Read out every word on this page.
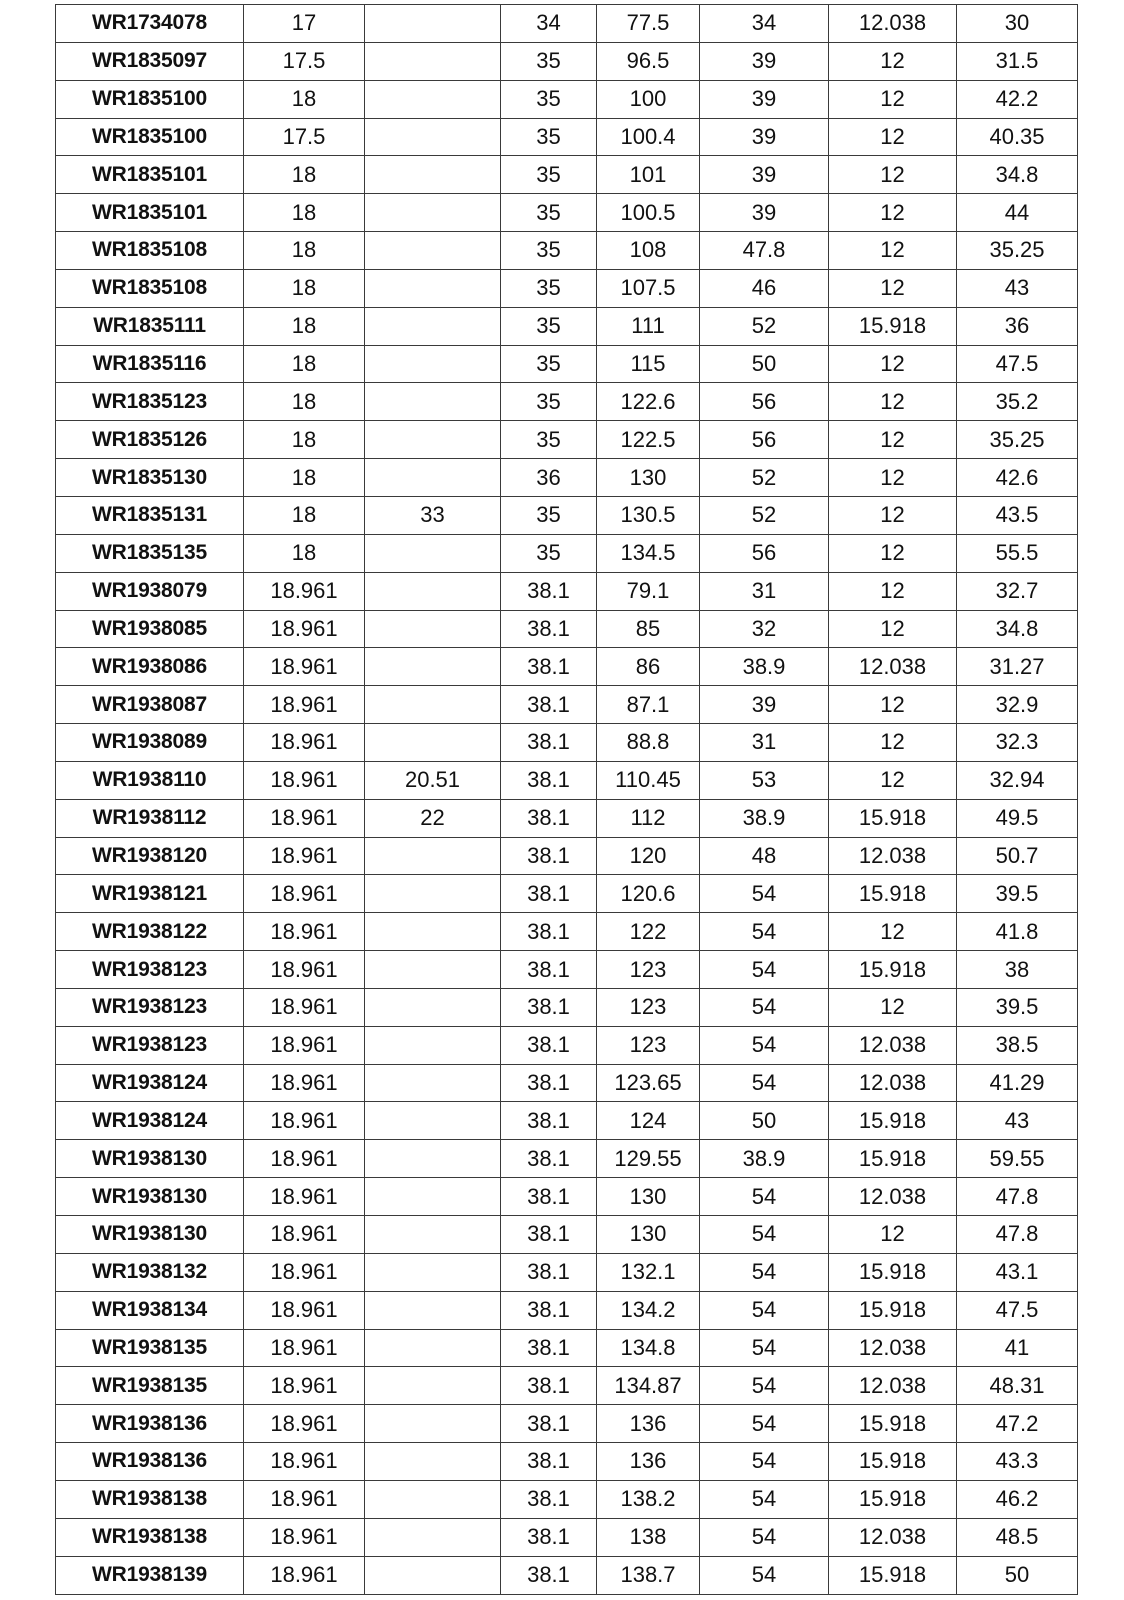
WR1734078	17		34	77.5	34	12.038	30
WR1835097	17.5		35	96.5	39	12	31.5
WR1835100	18		35	100	39	12	42.2
WR1835100	17.5		35	100.4	39	12	40.35
WR1835101	18		35	101	39	12	34.8
WR1835101	18		35	100.5	39	12	44
WR1835108	18		35	108	47.8	12	35.25
WR1835108	18		35	107.5	46	12	43
WR1835111	18		35	111	52	15.918	36
WR1835116	18		35	115	50	12	47.5
WR1835123	18		35	122.6	56	12	35.2
WR1835126	18		35	122.5	56	12	35.25
WR1835130	18		36	130	52	12	42.6
WR1835131	18	33	35	130.5	52	12	43.5
WR1835135	18		35	134.5	56	12	55.5
WR1938079	18.961		38.1	79.1	31	12	32.7
WR1938085	18.961		38.1	85	32	12	34.8
WR1938086	18.961		38.1	86	38.9	12.038	31.27
WR1938087	18.961		38.1	87.1	39	12	32.9
WR1938089	18.961		38.1	88.8	31	12	32.3
WR1938110	18.961	20.51	38.1	110.45	53	12	32.94
WR1938112	18.961	22	38.1	112	38.9	15.918	49.5
WR1938120	18.961		38.1	120	48	12.038	50.7
WR1938121	18.961		38.1	120.6	54	15.918	39.5
WR1938122	18.961		38.1	122	54	12	41.8
WR1938123	18.961		38.1	123	54	15.918	38
WR1938123	18.961		38.1	123	54	12	39.5
WR1938123	18.961		38.1	123	54	12.038	38.5
WR1938124	18.961		38.1	123.65	54	12.038	41.29
WR1938124	18.961		38.1	124	50	15.918	43
WR1938130	18.961		38.1	129.55	38.9	15.918	59.55
WR1938130	18.961		38.1	130	54	12.038	47.8
WR1938130	18.961		38.1	130	54	12	47.8
WR1938132	18.961		38.1	132.1	54	15.918	43.1
WR1938134	18.961		38.1	134.2	54	15.918	47.5
WR1938135	18.961		38.1	134.8	54	12.038	41
WR1938135	18.961		38.1	134.87	54	12.038	48.31
WR1938136	18.961		38.1	136	54	15.918	47.2
WR1938136	18.961		38.1	136	54	15.918	43.3
WR1938138	18.961		38.1	138.2	54	15.918	46.2
WR1938138	18.961		38.1	138	54	12.038	48.5
WR1938139	18.961		38.1	138.7	54	15.918	50
